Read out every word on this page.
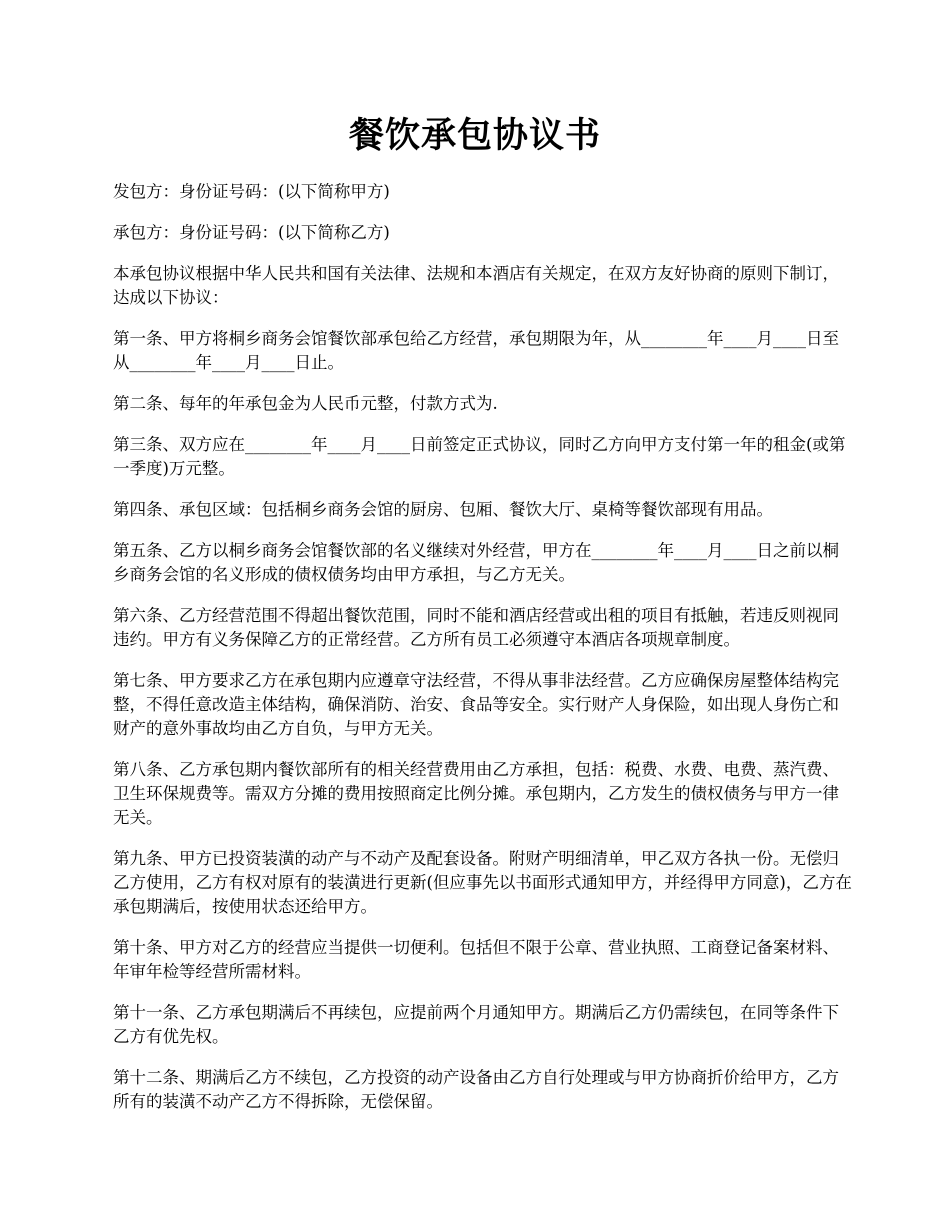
餐饮承包协议书

发包方：身份证号码：(以下简称甲方)

承包方：身份证号码：(以下简称乙方)

本承包协议根据中华人民共和国有关法律、法规和本酒店有关规定，在双方友好协商的原则下制订，达成以下协议：

第一条、甲方将桐乡商务会馆餐饮部承包给乙方经营，承包期限为年，从________年____月____日至从________年____月____日止。

第二条、每年的年承包金为人民币元整，付款方式为.

第三条、双方应在________年____月____日前签定正式协议，同时乙方向甲方支付第一年的租金(或第一季度)万元整。

第四条、承包区域：包括桐乡商务会馆的厨房、包厢、餐饮大厅、桌椅等餐饮部现有用品。

第五条、乙方以桐乡商务会馆餐饮部的名义继续对外经营，甲方在________年____月____日之前以桐乡商务会馆的名义形成的债权债务均由甲方承担，与乙方无关。

第六条、乙方经营范围不得超出餐饮范围，同时不能和酒店经营或出租的项目有抵触，若违反则视同违约。甲方有义务保障乙方的正常经营。乙方所有员工必须遵守本酒店各项规章制度。

第七条、甲方要求乙方在承包期内应遵章守法经营，不得从事非法经营。乙方应确保房屋整体结构完整，不得任意改造主体结构，确保消防、治安、食品等安全。实行财产人身保险，如出现人身伤亡和财产的意外事故均由乙方自负，与甲方无关。

第八条、乙方承包期内餐饮部所有的相关经营费用由乙方承担，包括：税费、水费、电费、蒸汽费、卫生环保规费等。需双方分摊的费用按照商定比例分摊。承包期内，乙方发生的债权债务与甲方一律无关。

第九条、甲方已投资装潢的动产与不动产及配套设备。附财产明细清单，甲乙双方各执一份。无偿归乙方使用，乙方有权对原有的装潢进行更新(但应事先以书面形式通知甲方，并经得甲方同意)，乙方在承包期满后，按使用状态还给甲方。

第十条、甲方对乙方的经营应当提供一切便利。包括但不限于公章、营业执照、工商登记备案材料、年审年检等经营所需材料。

第十一条、乙方承包期满后不再续包，应提前两个月通知甲方。期满后乙方仍需续包，在同等条件下乙方有优先权。

第十二条、期满后乙方不续包，乙方投资的动产设备由乙方自行处理或与甲方协商折价给甲方，乙方所有的装潢不动产乙方不得拆除，无偿保留。
